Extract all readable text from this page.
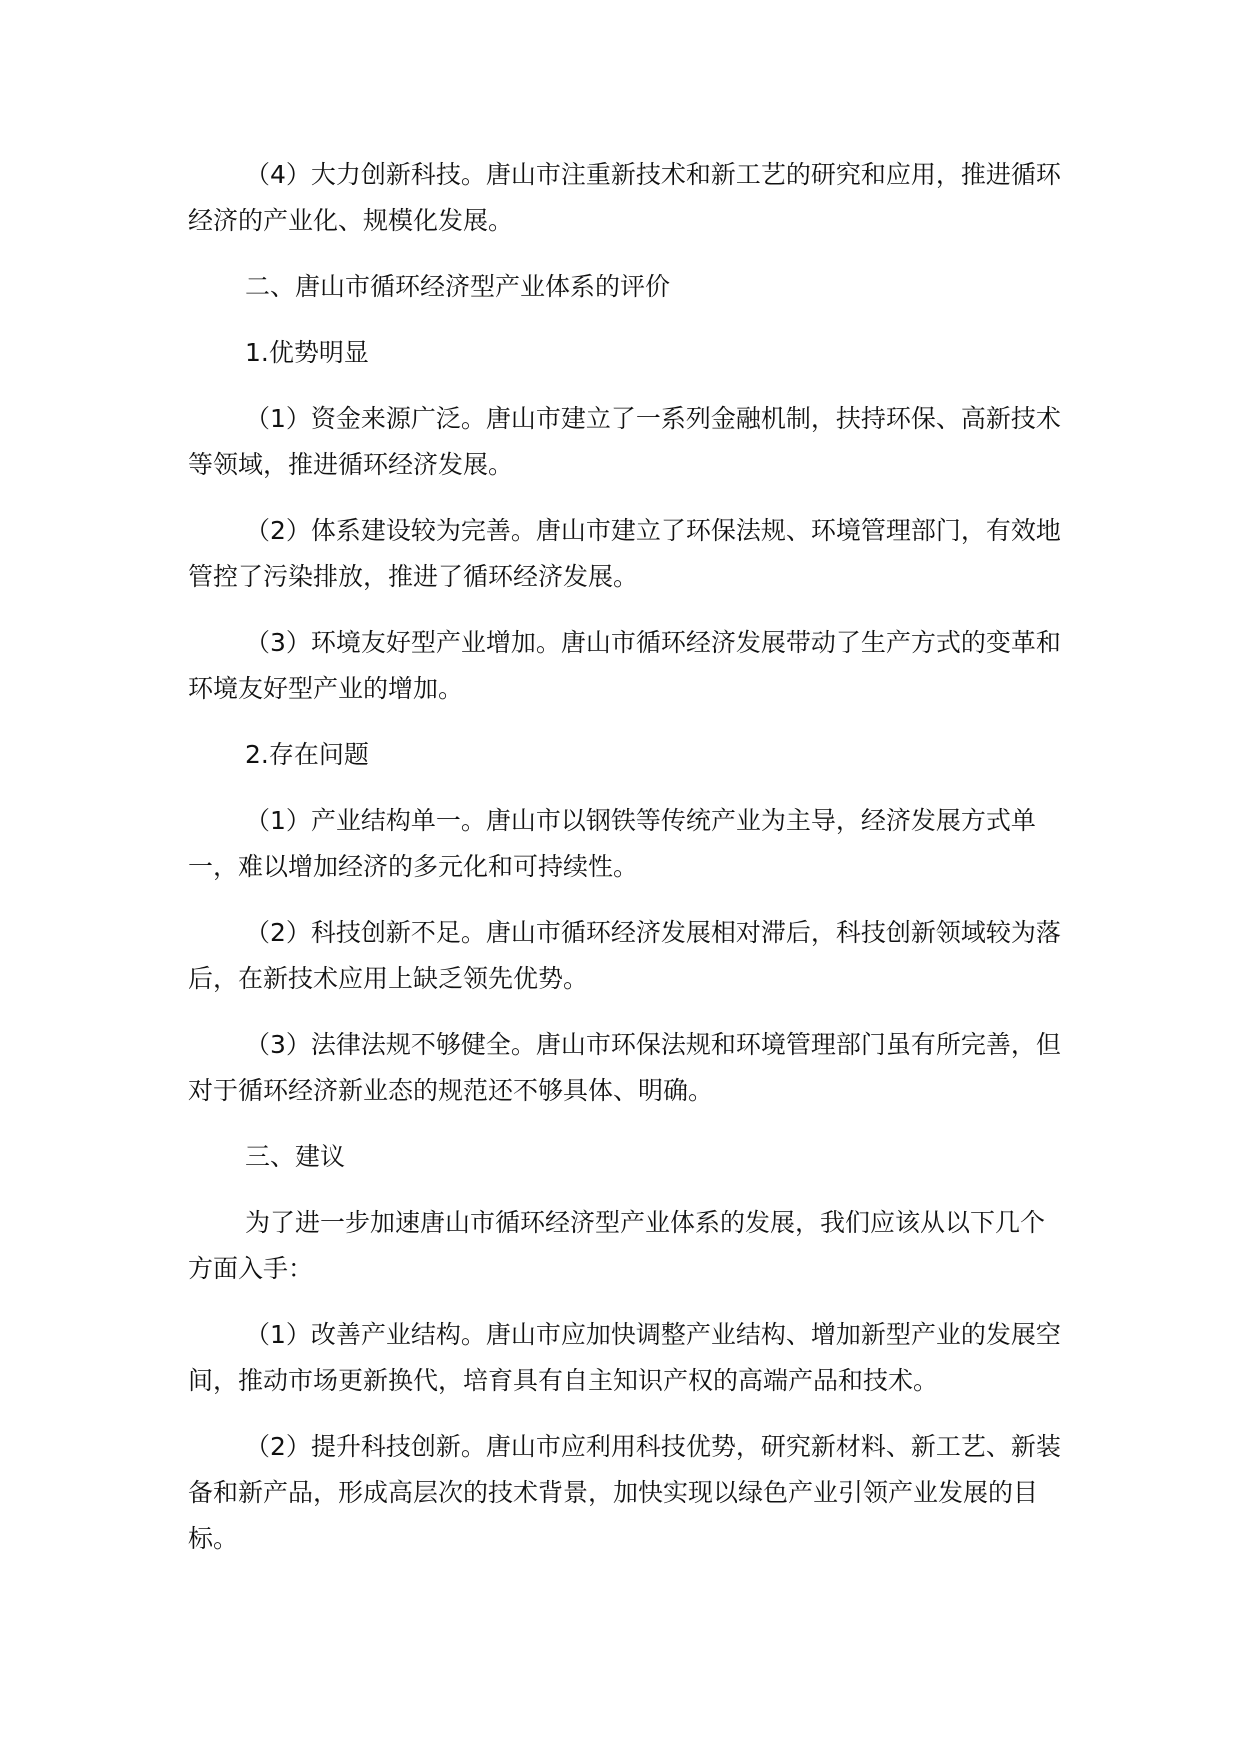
（4）大力创新科技。唐山市注重新技术和新工艺的研究和应用，推进循环经济的产业化、规模化发展。

二、唐山市循环经济型产业体系的评价

1.优势明显

（1）资金来源广泛。唐山市建立了一系列金融机制，扶持环保、高新技术等领域，推进循环经济发展。

（2）体系建设较为完善。唐山市建立了环保法规、环境管理部门，有效地管控了污染排放，推进了循环经济发展。

（3）环境友好型产业增加。唐山市循环经济发展带动了生产方式的变革和环境友好型产业的增加。

2.存在问题

（1）产业结构单一。唐山市以钢铁等传统产业为主导，经济发展方式单一，难以增加经济的多元化和可持续性。

（2）科技创新不足。唐山市循环经济发展相对滞后，科技创新领域较为落后，在新技术应用上缺乏领先优势。

（3）法律法规不够健全。唐山市环保法规和环境管理部门虽有所完善，但对于循环经济新业态的规范还不够具体、明确。

三、建议

为了进一步加速唐山市循环经济型产业体系的发展，我们应该从以下几个方面入手：

（1）改善产业结构。唐山市应加快调整产业结构、增加新型产业的发展空间，推动市场更新换代，培育具有自主知识产权的高端产品和技术。

（2）提升科技创新。唐山市应利用科技优势，研究新材料、新工艺、新装备和新产品，形成高层次的技术背景，加快实现以绿色产业引领产业发展的目标。
